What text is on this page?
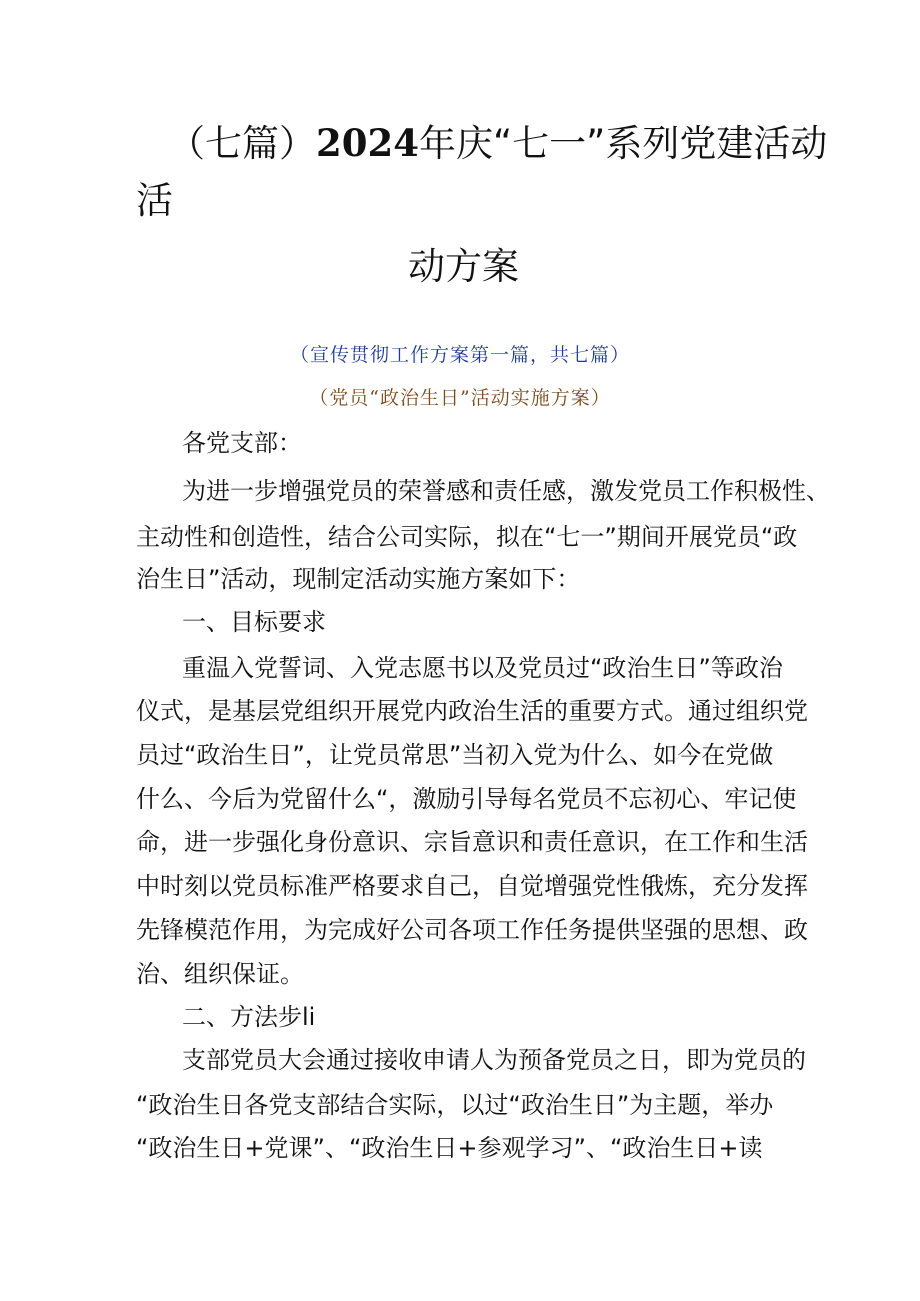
（七篇）2024年庆“七一”系列党建活动
活
动方案
（宣传贯彻工作方案第一篇，共七篇）
（党员“政治生日”活动实施方案）
各党支部：
为进一步增强党员的荣誉感和责任感，激发党员工作积极性、
主动性和创造性，结合公司实际，拟在“七一”期间开展党员“政
治生日”活动，现制定活动实施方案如下：
一、目标要求
重温入党誓词、入党志愿书以及党员过“政治生日”等政治
仪式，是基层党组织开展党内政治生活的重要方式。通过组织党
员过“政治生日”，让党员常思”当初入党为什么、如今在党做
什么、今后为党留什么“，激励引导每名党员不忘初心、牢记使
命，进一步强化身份意识、宗旨意识和责任意识，在工作和生活
中时刻以党员标准严格要求自己，自觉增强党性俄炼，充分发挥
先锋模范作用，为完成好公司各项工作任务提供坚强的思想、政
治、组织保证。
二、方法步li
支部党员大会通过接收申请人为预备党员之日，即为党员的
“政治生日各党支部结合实际，以过“政治生日”为主题，举办
“政治生日+党课”、“政治生日+参观学习”、“政治生日+读
